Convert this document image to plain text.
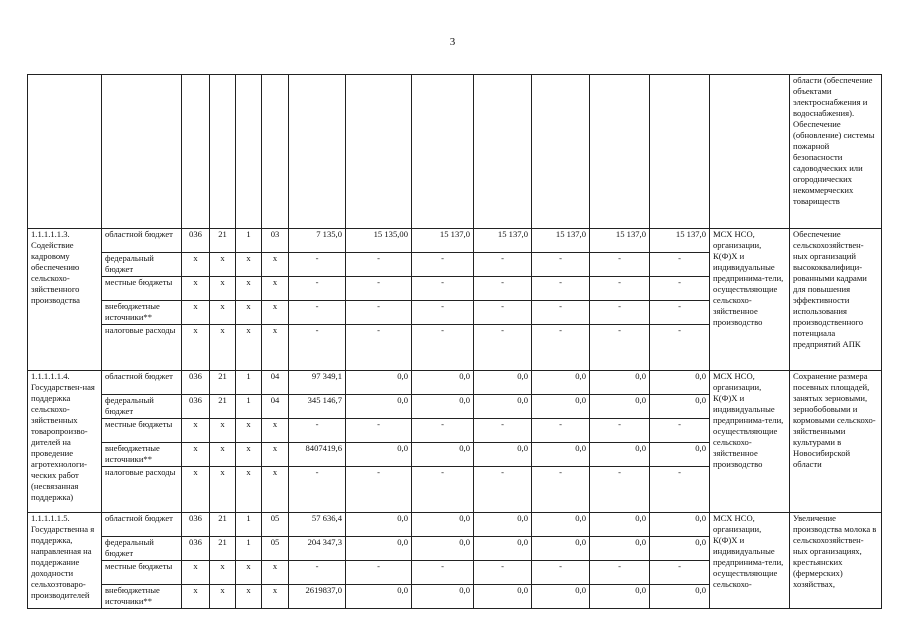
3
														области (обеспечение объектами электроснабжения и водоснабжения). Обеспечение (обновление) системы пожарной безопасности садоводческих или огороднических некоммерческих товариществ
1.1.1.1.1.3. Содействие кадровому обеспечению сельскохо-зяйственного производства	областной бюджет	036	21	1	03	7 135,0	15 135,00	15 137,0	15 137,0	15 137,0	15 137,0	15 137,0	МСХ НСО, организации, К(Ф)Х и индивидуальные предпринима-тели, осуществляющие сельскохо-зяйственное производство	Обеспечение сельскохозяйствен-ных организаций высококвалифици-рованными кадрами для повышения эффективности использования производственного потенциала предприятий АПК
	федеральный бюджет	х	х	х	х	-	-	-	-	-	-	-		
	местные бюджеты	х	х	х	х	-	-	-	-	-	-	-		
	внебюджетные источники**	х	х	х	х	-	-	-	-	-	-	-		
	налоговые расходы	х	х	х	х	-	-	-	-	-	-	-		
1.1.1.1.1.4. Государствен-ная поддержка сельскохо-зяйственных товаропроизво-дителей на проведение агротехнологи-ческих работ (несвязанная поддержка)	областной бюджет	036	21	1	04	97 349,1	0,0	0,0	0,0	0,0	0,0	0,0	МСХ НСО, организации, К(Ф)Х и индивидуальные предпринима-тели, осуществляющие сельскохо-зяйственное производство	Сохранение размера посевных площадей, занятых зерновыми, зернобобовыми и кормовыми сельскохо-зяйственными культурами в Новосибирской области
	федеральный бюджет	036	21	1	04	345 146,7	0,0	0,0	0,0	0,0	0,0	0,0		
	местные бюджеты	х	х	х	х	-	-	-	-	-	-	-		
	внебюджетные источники**	х	х	х	х	8407419,6	0,0	0,0	0,0	0,0	0,0	0,0		
	налоговые расходы	х	х	х	х	-	-	-	-	-	-	-		
1.1.1.1.1.5. Государственна я поддержка, направленная на поддержание доходности сельхозтоваро-производителей	областной бюджет	036	21	1	05	57 636,4	0,0	0,0	0,0	0,0	0,0	0,0	МСХ НСО, организации, К(Ф)Х и индивидуальные предпринима-тели, осуществляющие сельскохо-	Увеличение производства молока в сельскохозяйствен-ных организациях, крестьянских (фермерских) хозяйствах,
	федеральный бюджет	036	21	1	05	204 347,3	0,0	0,0	0,0	0,0	0,0	0,0		
	местные бюджеты	х	х	х	х	-	-	-	-	-	-	-		
	внебюджетные источники**	х	х	х	х	2619837,0	0,0	0,0	0,0	0,0	0,0	0,0		
